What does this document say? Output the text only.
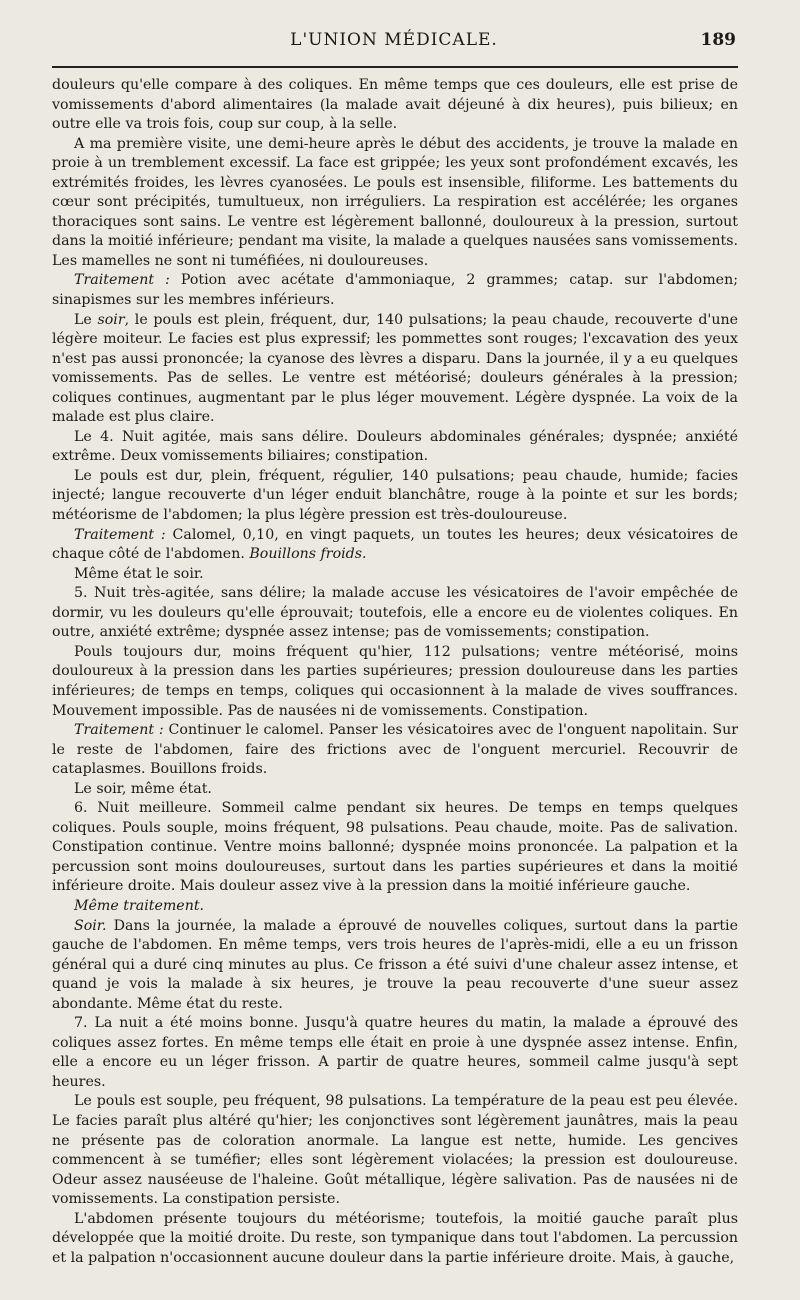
L'UNION MÉDICALE.	189

douleurs qu'elle compare à des coliques. En même temps que ces douleurs, elle est prise de vomissements d'abord alimentaires (la malade avait déjeuné à dix heures), puis bilieux; en outre elle va trois fois, coup sur coup, à la selle.

A ma première visite, une demi-heure après le début des accidents, je trouve la malade en proie à un tremblement excessif. La face est grippée; les yeux sont profondément excavés, les extrémités froides, les lèvres cyanosées. Le pouls est insensible, filiforme. Les battements du cœur sont précipités, tumultueux, non irréguliers. La respiration est accélérée; les organes thoraciques sont sains. Le ventre est légèrement ballonné, douloureux à la pression, surtout dans la moitié inférieure; pendant ma visite, la malade a quelques nausées sans vomissements. Les mamelles ne sont ni tuméfiées, ni douloureuses.

Traitement : Potion avec acétate d'ammoniaque, 2 grammes; catap. sur l'abdomen; sinapismes sur les membres inférieurs.

Le soir, le pouls est plein, fréquent, dur, 140 pulsations; la peau chaude, recouverte d'une légère moiteur. Le facies est plus expressif; les pommettes sont rouges; l'excavation des yeux n'est pas aussi prononcée; la cyanose des lèvres a disparu. Dans la journée, il y a eu quelques vomissements. Pas de selles. Le ventre est météorisé; douleurs générales à la pression; coliques continues, augmentant par le plus léger mouvement. Légère dyspnée. La voix de la malade est plus claire.

Le 4. Nuit agitée, mais sans délire. Douleurs abdominales générales; dyspnée; anxiété extrême. Deux vomissements biliaires; constipation.

Le pouls est dur, plein, fréquent, régulier, 140 pulsations; peau chaude, humide; facies injecté; langue recouverte d'un léger enduit blanchâtre, rouge à la pointe et sur les bords; météorisme de l'abdomen; la plus légère pression est très-douloureuse.

Traitement : Calomel, 0,10, en vingt paquets, un toutes les heures; deux vésicatoires de chaque côté de l'abdomen. Bouillons froids.

Même état le soir.

5. Nuit très-agitée, sans délire; la malade accuse les vésicatoires de l'avoir empêchée de dormir, vu les douleurs qu'elle éprouvait; toutefois, elle a encore eu de violentes coliques. En outre, anxiété extrême; dyspnée assez intense; pas de vomissements; constipation.

Pouls toujours dur, moins fréquent qu'hier, 112 pulsations; ventre météorisé, moins douloureux à la pression dans les parties supérieures; pression douloureuse dans les parties inférieures; de temps en temps, coliques qui occasionnent à la malade de vives souffrances. Mouvement impossible. Pas de nausées ni de vomissements. Constipation.

Traitement : Continuer le calomel. Panser les vésicatoires avec de l'onguent napolitain. Sur le reste de l'abdomen, faire des frictions avec de l'onguent mercuriel. Recouvrir de cataplasmes. Bouillons froids.

Le soir, même état.

6. Nuit meilleure. Sommeil calme pendant six heures. De temps en temps quelques coliques. Pouls souple, moins fréquent, 98 pulsations. Peau chaude, moite. Pas de salivation. Constipation continue. Ventre moins ballonné; dyspnée moins prononcée. La palpation et la percussion sont moins douloureuses, surtout dans les parties supérieures et dans la moitié inférieure droite. Mais douleur assez vive à la pression dans la moitié inférieure gauche.

Même traitement.

Soir. Dans la journée, la malade a éprouvé de nouvelles coliques, surtout dans la partie gauche de l'abdomen. En même temps, vers trois heures de l'après-midi, elle a eu un frisson général qui a duré cinq minutes au plus. Ce frisson a été suivi d'une chaleur assez intense, et quand je vois la malade à six heures, je trouve la peau recouverte d'une sueur assez abondante. Même état du reste.

7. La nuit a été moins bonne. Jusqu'à quatre heures du matin, la malade a éprouvé des coliques assez fortes. En même temps elle était en proie à une dyspnée assez intense. Enfin, elle a encore eu un léger frisson. A partir de quatre heures, sommeil calme jusqu'à sept heures.

Le pouls est souple, peu fréquent, 98 pulsations. La température de la peau est peu élevée. Le facies paraît plus altéré qu'hier; les conjonctives sont légèrement jaunâtres, mais la peau ne présente pas de coloration anormale. La langue est nette, humide. Les gencives commencent à se tuméfier; elles sont légèrement violacées; la pression est douloureuse. Odeur assez nauséeuse de l'haleine. Goût métallique, légère salivation. Pas de nausées ni de vomissements. La constipation persiste.

L'abdomen présente toujours du météorisme; toutefois, la moitié gauche paraît plus développée que la moitié droite. Du reste, son tympanique dans tout l'abdomen. La percussion et la palpation n'occasionnent aucune douleur dans la partie inférieure droite. Mais, à gauche,
